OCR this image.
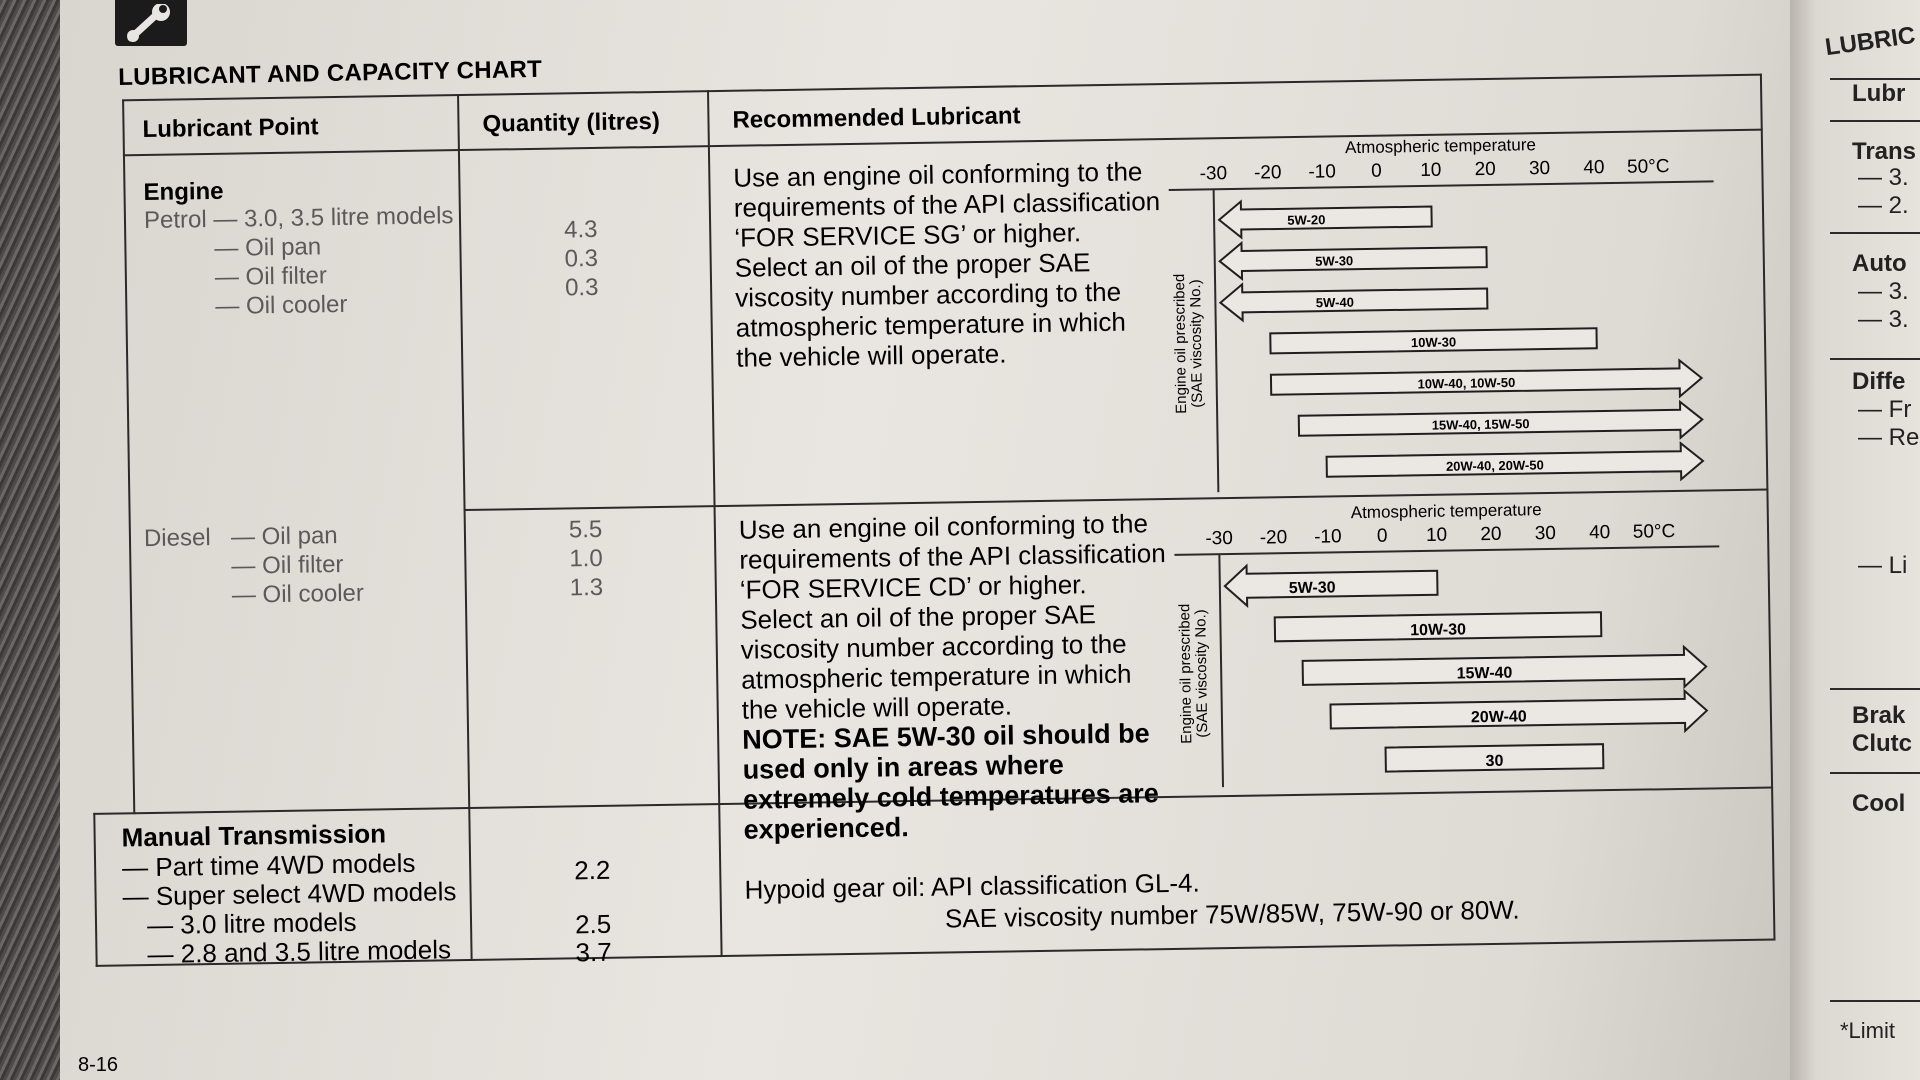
LUBRICANT AND CAPACITY CHART
Lubricant Point	Quantity (litres)	Recommended Lubricant
Engine
Petrol — 3.0, 3.5 litre models
— Oil pan
— Oil filter
— Oil cooler
4.3
0.3
0.3
Use an engine oil conforming to the
requirements of the API classification
‘FOR SERVICE SG’ or higher.
Select an oil of the proper SAE
viscosity number according to the
atmospheric temperature in which
the vehicle will operate.
Atmospheric temperature
-30 -20 -10 0 10 20 30 40 50°C
Engine oil prescribed
(SAE viscosity No.)
5W-20
5W-30
5W-40
10W-30
10W-40, 10W-50
15W-40, 15W-50
20W-40, 20W-50
Diesel — Oil pan
— Oil filter
— Oil cooler
5.5
1.0
1.3
Use an engine oil conforming to the
requirements of the API classification
‘FOR SERVICE CD’ or higher.
Select an oil of the proper SAE
viscosity number according to the
atmospheric temperature in which
the vehicle will operate.
NOTE: SAE 5W-30 oil should be
used only in areas where
extremely cold temperatures are
experienced.
Atmospheric temperature
-30 -20 -10 0 10 20 30 40 50°C
Engine oil prescribed
(SAE viscosity No.)
5W-30
10W-30
15W-40
20W-40
30
Manual Transmission
— Part time 4WD models
— Super select 4WD models
— 3.0 litre models
— 2.8 and 3.5 litre models
2.2
2.5
3.7
Hypoid gear oil: API classification GL-4.
SAE viscosity number 75W/85W, 75W-90 or 80W.
8-16
LUBRIC
Lubr
Trans
— 3.
— 2.
Auto
— 3.
— 3.
Diffe
— Fr
— Re
— Li
Brak
Clutc
Cool
*Limit
